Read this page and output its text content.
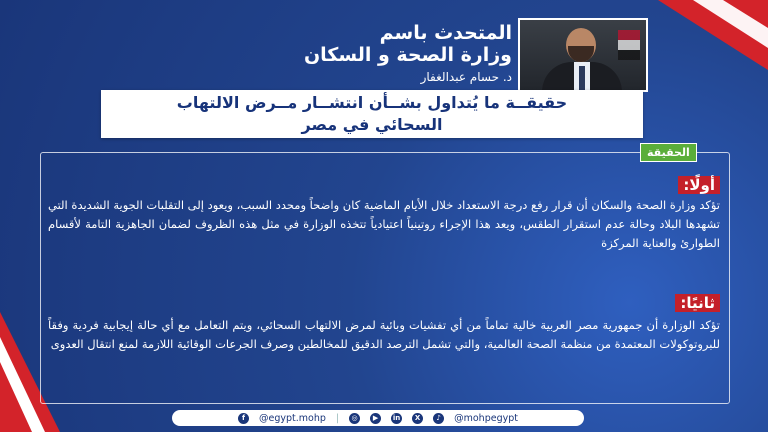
المتحدث باسم
وزارة الصحة و السكان
د. حسام عبدالغفار
حقيقــة ما يُتداول بشــأن انتشــار مــرض الالتهاب
السحائي في مصر
الحقيقة
أولًا:
تؤكد وزارة الصحة والسكان أن قرار رفع درجة الاستعداد خلال الأيام الماضية كان واضحاً ومحدد السبب، ويعود إلى التقلبات الجوية الشديدة التي تشهدها البلاد وحالة عدم استقرار الطقس، ويعد هذا الإجراء روتينياً اعتيادياً تتخذه الوزارة في مثل هذه الظروف لضمان الجاهزية التامة لأقسام الطوارئ والعناية المركزة
ثانيًا:
تؤكد الوزارة أن جمهورية مصر العربية خالية تماماً من أي تفشيات وبائية لمرض الالتهاب السحائي، ويتم التعامل مع أي حالة إيجابية فردية وفقاً للبروتوكولات المعتمدة من منظمة الصحة العالمية، والتي تشمل الترصد الدقيق للمخالطين وصرف الجرعات الوقائية اللازمة لمنع انتقال العدوى
f	@egypt.mohp |	◎	▶	in	X	♪	@mohpegypt
